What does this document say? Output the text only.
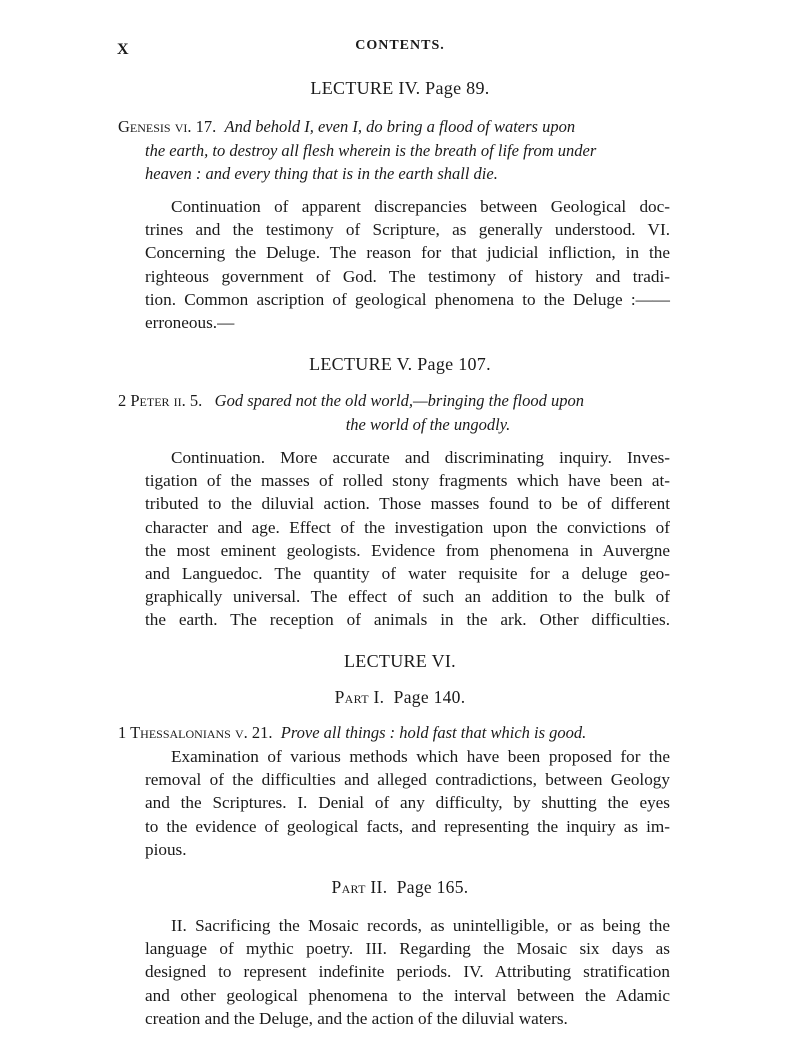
x	CONTENTS.
LECTURE IV. Page 89.
Genesis vi. 17. And behold I, even I, do bring a flood of waters upon
the earth, to destroy all flesh wherein is the breath of life from under
heaven : and every thing that is in the earth shall die.
Continuation of apparent discrepancies between Geological doc-
trines and the testimony of Scripture, as generally understood. VI.
Concerning the Deluge. The reason for that judicial infliction, in the
righteous government of God. The testimony of history and tradi-
tion. Common ascription of geological phenomena to the Deluge :——
erroneous.—
LECTURE V. Page 107.
2 Peter ii. 5. God spared not the old world,—bringing the flood upon
the world of the ungodly.
Continuation. More accurate and discriminating inquiry. Inves-
tigation of the masses of rolled stony fragments which have been at-
tributed to the diluvial action. Those masses found to be of different
character and age. Effect of the investigation upon the convictions of
the most eminent geologists. Evidence from phenomena in Auvergne
and Languedoc. The quantity of water requisite for a deluge geo-
graphically universal. The effect of such an addition to the bulk of
the earth. The reception of animals in the ark. Other difficulties.
LECTURE VI.
Part I. Page 140.
1 Thessalonians v. 21. Prove all things : hold fast that which is good.
Examination of various methods which have been proposed for the
removal of the difficulties and alleged contradictions, between Geology
and the Scriptures. I. Denial of any difficulty, by shutting the eyes
to the evidence of geological facts, and representing the inquiry as im-
pious.
Part II. Page 165.
II. Sacrificing the Mosaic records, as unintelligible, or as being the
language of mythic poetry. III. Regarding the Mosaic six days as
designed to represent indefinite periods. IV. Attributing stratification
and other geological phenomena to the interval between the Adamic
creation and the Deluge, and the action of the diluvial waters.
